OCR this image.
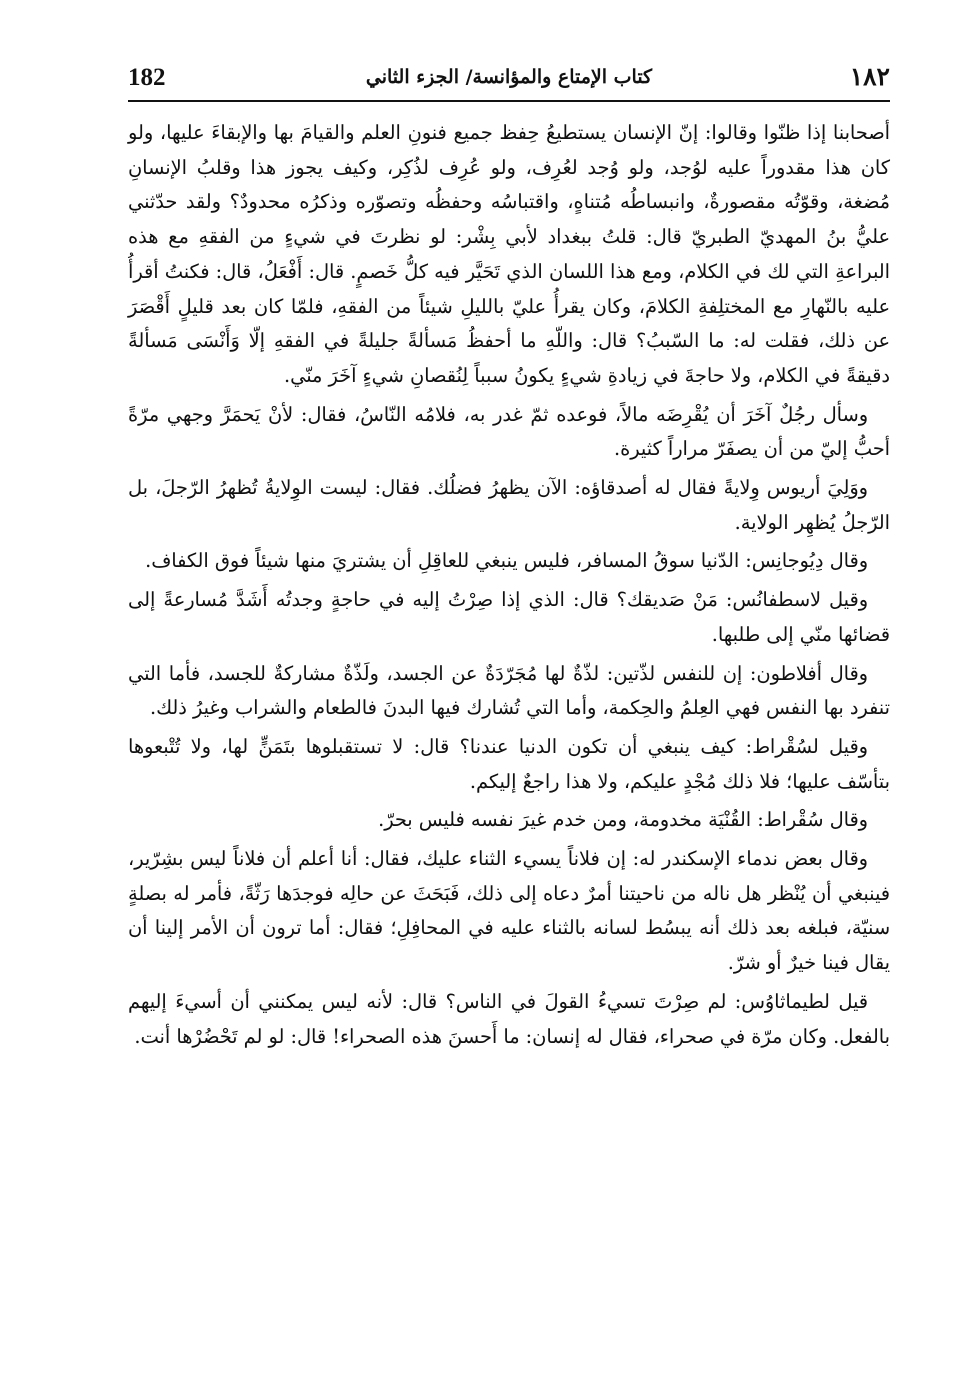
182	كتاب الإمتاع والمؤانسة/ الجزء الثاني	١٨٢

أصحابنا إذا ظنّوا وقالوا: إنّ الإنسان يستطيعُ حِفظ جميع فنونِ العلم والقيامَ بها والإبقاءَ عليها، ولو كان هذا مقدوراً عليه لوُجد، ولو وُجد لعُرِف، ولو عُرِف لذُكِر، وكيف يجوز هذا وقلبُ الإنسانِ مُضغة، وقوّتُه مقصورةٌ، وانبساطُه مُتناهٍ، واقتباسُه وحفظُه وتصوّره وذكرُه محدودٌ؟ ولقد حدّثني عليُّ بنُ المهديّ الطبريّ قال: قلتُ ببغداد لأبي بِشْر: لو نظرتَ في شيءٍ من الفقهِ مع هذه البراعةِ التي لك في الكلام، ومع هذا اللسان الذي تَحَيَّر فيه كلُّ خَصمٍ. قال: أَفْعَلُ، قال: فكنتُ أقرأُ عليه بالنّهارِ مع المختلِفةِ الكلامَ، وكان يقرأُ عليّ بالليلِ شيئاً من الفقهِ، فلمّا كان بعد قليلٍ أَقْصَرَ عن ذلك، فقلت له: ما السّببُ؟ قال: واللّهِ ما أحفظُ مَسألةً جليلةً في الفقهِ إلّا وَأَنْسَى مَسألةً دقيقةً في الكلام، ولا حاجةَ في زيادةِ شيءٍ يكونُ سبباً لِنُقصانِ شيءٍ آخَرَ منّي.

وسأل رجُلٌ آخَرَ أن يُقْرِضَه مالاً، فوعده ثمّ غدر به، فلامُه النّاسُ، فقال: لأنْ يَحمَرَّ وجهي مرّةً أحبُّ إليّ من أن يصفَرّ مراراً كثيرة.

ووَلِيَ أريوس وِلايةً فقال له أصدقاؤه: الآن يظهرُ فضلُك. فقال: ليست الوِلايةُ تُظهرُ الرّجلَ، بل الرّجلُ يُظهِر الولاية.

وقال دِيُوجانِس: الدّنيا سوقُ المسافر، فليس ينبغي للعاقِلِ أن يشتريَ منها شيئاً فوق الكفاف.

وقيل لاسطفانُس: مَنْ صَديقك؟ قال: الذي إذا صِرْتُ إليه في حاجةٍ وجدتُه أَشَدَّ مُسارعةً إلى قضائها منّي إلى طلبها.

وقال أفلاطون: إن للنفس لذّتين: لذّةٌ لها مُجَرّدَةٌ عن الجسد، ولَذّةٌ مشاركةٌ للجسد، فأما التي تنفرد بها النفس فهي العِلمُ والحِكمة، وأما التي تُشارك فيها البدنَ فالطعام والشراب وغيرُ ذلك.

وقيل لسُقْراط: كيف ينبغي أن تكون الدنيا عندنا؟ قال: لا تستقبلوها بتَمَنٍّ لها، ولا تُتْبعوها بتأسّف عليها؛ فلا ذلك مُجْدٍ عليكم، ولا هذا راجعٌ إليكم.

وقال سُقْراط: القُنْيَة مخدومة، ومن خدم غيرَ نفسه فليس بحرّ.

وقال بعض ندماء الإسكندر له: إن فلاناً يسيء الثناء عليك، فقال: أنا أعلم أن فلاناً ليس بشِرّير، فينبغي أن يُنْظر هل ناله من ناحيتنا أمرٌ دعاه إلى ذلك، فَبَحَثَ عن حالِه فوجدَها رَثّةً، فأمر له بصلةٍ سنيّة، فبلغه بعد ذلك أنه يبسُط لسانه بالثناء عليه في المحافِلِ؛ فقال: أما ترون أن الأمر إلينا أن يقال فينا خيرٌ أو شرّ.

قيل لطيماثاوُس: لم صِرْتَ تسيءُ القولَ في الناس؟ قال: لأنه ليس يمكنني أن أسيءَ إليهم بالفعل. وكان مرّة في صحراء، فقال له إنسان: ما أَحسنَ هذه الصحراء! قال: لو لم تَحْضُرْها أنت.
